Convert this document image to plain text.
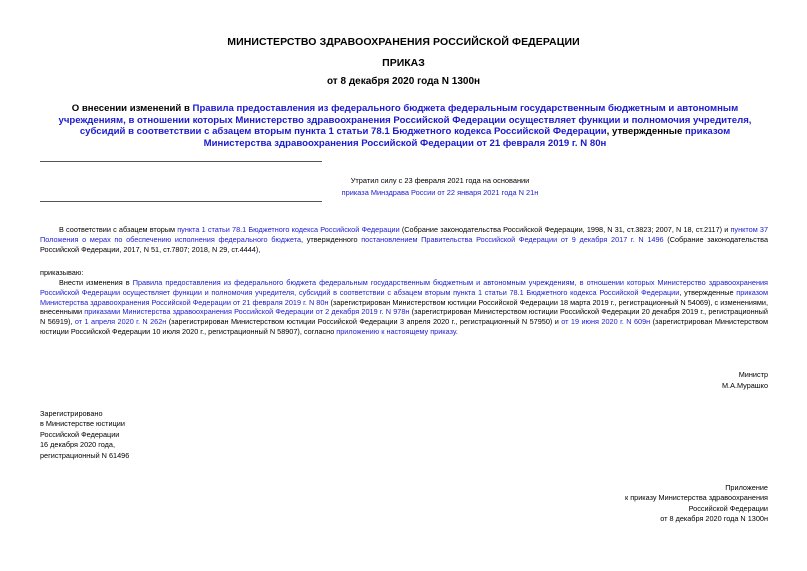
МИНИСТЕРСТВО ЗДРАВООХРАНЕНИЯ РОССИЙСКОЙ ФЕДЕРАЦИИ
ПРИКАЗ
от 8 декабря 2020 года N 1300н
О внесении изменений в Правила предоставления из федерального бюджета федеральным государственным бюджетным и автономным учреждениям, в отношении которых Министерство здравоохранения Российской Федерации осуществляет функции и полномочия учредителя, субсидий в соответствии с абзацем вторым пункта 1 статьи 78.1 Бюджетного кодекса Российской Федерации, утвержденные приказом Министерства здравоохранения Российской Федерации от 21 февраля 2019 г. N 80н
Утратил силу с 23 февраля 2021 года на основании
приказа Минздрава России от 22 января 2021 года N 21н
В соответствии с абзацем вторым пункта 1 статьи 78.1 Бюджетного кодекса Российской Федерации (Собрание законодательства Российской Федерации, 1998, N 31, ст.3823; 2007, N 18, ст.2117) и пунктом 37 Положения о мерах по обеспечению исполнения федерального бюджета, утвержденного постановлением Правительства Российской Федерации от 9 декабря 2017 г. N 1496 (Собрание законодательства Российской Федерации, 2017, N 51, ст.7807; 2018, N 29, ст.4444),
приказываю:
Внести изменения в Правила предоставления из федерального бюджета федеральным государственным бюджетным и автономным учреждениям, в отношении которых Министерство здравоохранения Российской Федерации осуществляет функции и полномочия учредителя, субсидий в соответствии с абзацем вторым пункта 1 статьи 78.1 Бюджетного кодекса Российской Федерации, утвержденные приказом Министерства здравоохранения Российской Федерации от 21 февраля 2019 г. N 80н (зарегистрирован Министерством юстиции Российской Федерации 18 марта 2019 г., регистрационный N 54069), с изменениями, внесенными приказами Министерства здравоохранения Российской Федерации от 2 декабря 2019 г. N 978н (зарегистрирован Министерством юстиции Российской Федерации 20 декабря 2019 г., регистрационный N 56919), от 1 апреля 2020 г. N 262н (зарегистрирован Министерством юстиции Российской Федерации 3 апреля 2020 г., регистрационный N 57950) и от 19 июня 2020 г. N 609н (зарегистрирован Министерством юстиции Российской Федерации 10 июля 2020 г., регистрационный N 58907), согласно приложению к настоящему приказу.
Министр
М.А.Мурашко
Зарегистрировано
в Министерстве юстиции
Российской Федерации
16 декабря 2020 года,
регистрационный N 61496
Приложение
к приказу Министерства здравоохранения
Российской Федерации
от 8 декабря 2020 года N 1300н
